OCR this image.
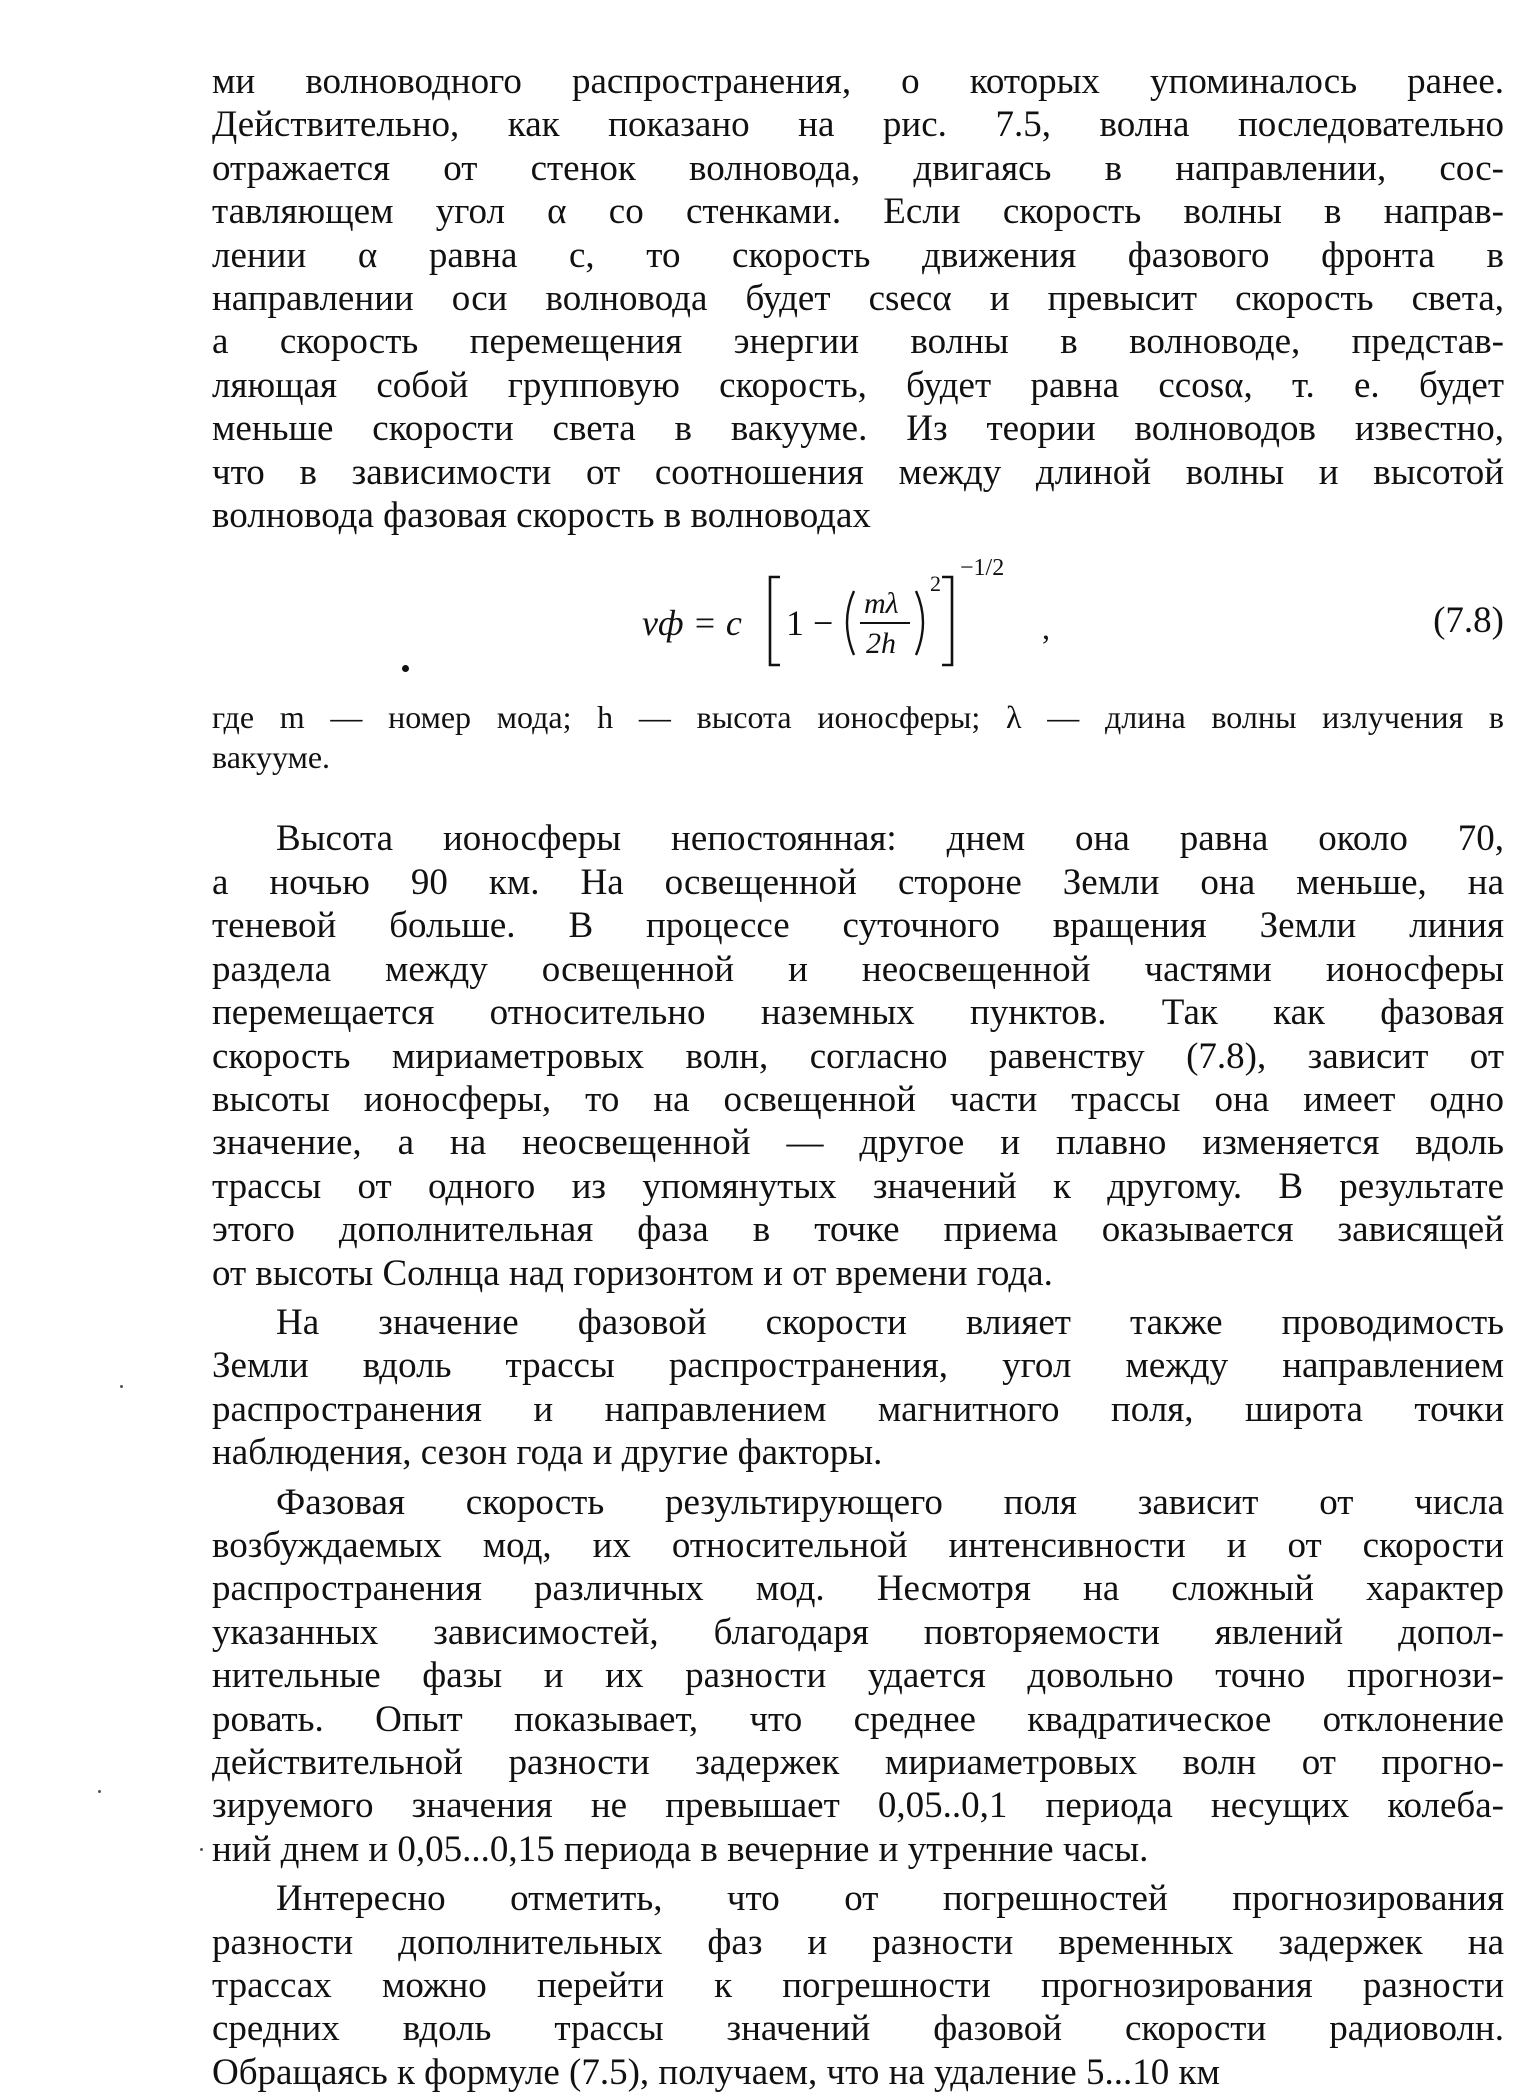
ми волноводного распространения, о которых упоминалось ранее.
Действительно, как показано на рис. 7.5, волна последовательно
отражается от стенок волновода, двигаясь в направлении, сос-
тавляющем угол α со стенками. Если скорость волны в направ-
лении α равна c, то скорость движения фазового фронта в
направлении оси волновода будет csecα и превысит скорость света,
а скорость перемещения энергии волны в волноводе, представ-
ляющая собой групповую скорость, будет равна ccosα, т. е. будет
меньше скорости света в вакууме. Из теории волноводов известно,
что в зависимости от соотношения между длиной волны и высотой
волновода фазовая скорость в волноводах

vф = c 1 − mλ
2h
2
−1/2
,	(7.8)

где m — номер мода; h — высота ионосферы; λ — длина волны излучения в
вакууме.

Высота ионосферы непостоянная: днем она равна около 70,
а ночью 90 км. На освещенной стороне Земли она меньше, на
теневой больше. В процессе суточного вращения Земли линия
раздела между освещенной и неосвещенной частями ионосферы
перемещается относительно наземных пунктов. Так как фазовая
скорость мириаметровых волн, согласно равенству (7.8), зависит от
высоты ионосферы, то на освещенной части трассы она имеет одно
значение, а на неосвещенной — другое и плавно изменяется вдоль
трассы от одного из упомянутых значений к другому. В результате
этого дополнительная фаза в точке приема оказывается зависящей
от высоты Солнца над горизонтом и от времени года.

На значение фазовой скорости влияет также проводимость
Земли вдоль трассы распространения, угол между направлением
распространения и направлением магнитного поля, широта точки
наблюдения, сезон года и другие факторы.

Фазовая скорость результирующего поля зависит от числа
возбуждаемых мод, их относительной интенсивности и от скорости
распространения различных мод. Несмотря на сложный характер
указанных зависимостей, благодаря повторяемости явлений допол-
нительные фазы и их разности удается довольно точно прогнози-
ровать. Опыт показывает, что среднее квадратическое отклонение
действительной разности задержек мириаметровых волн от прогно-
зируемого значения не превышает 0,05..0,1 периода несущих колеба-
ний днем и 0,05...0,15 периода в вечерние и утренние часы.

Интересно отметить, что от погрешностей прогнозирования
разности дополнительных фаз и разности временных задержек на
трассах можно перейти к погрешности прогнозирования разности
средних вдоль трассы значений фазовой скорости радиоволн.
Обращаясь к формуле (7.5), получаем, что на удаление 5...10 км
